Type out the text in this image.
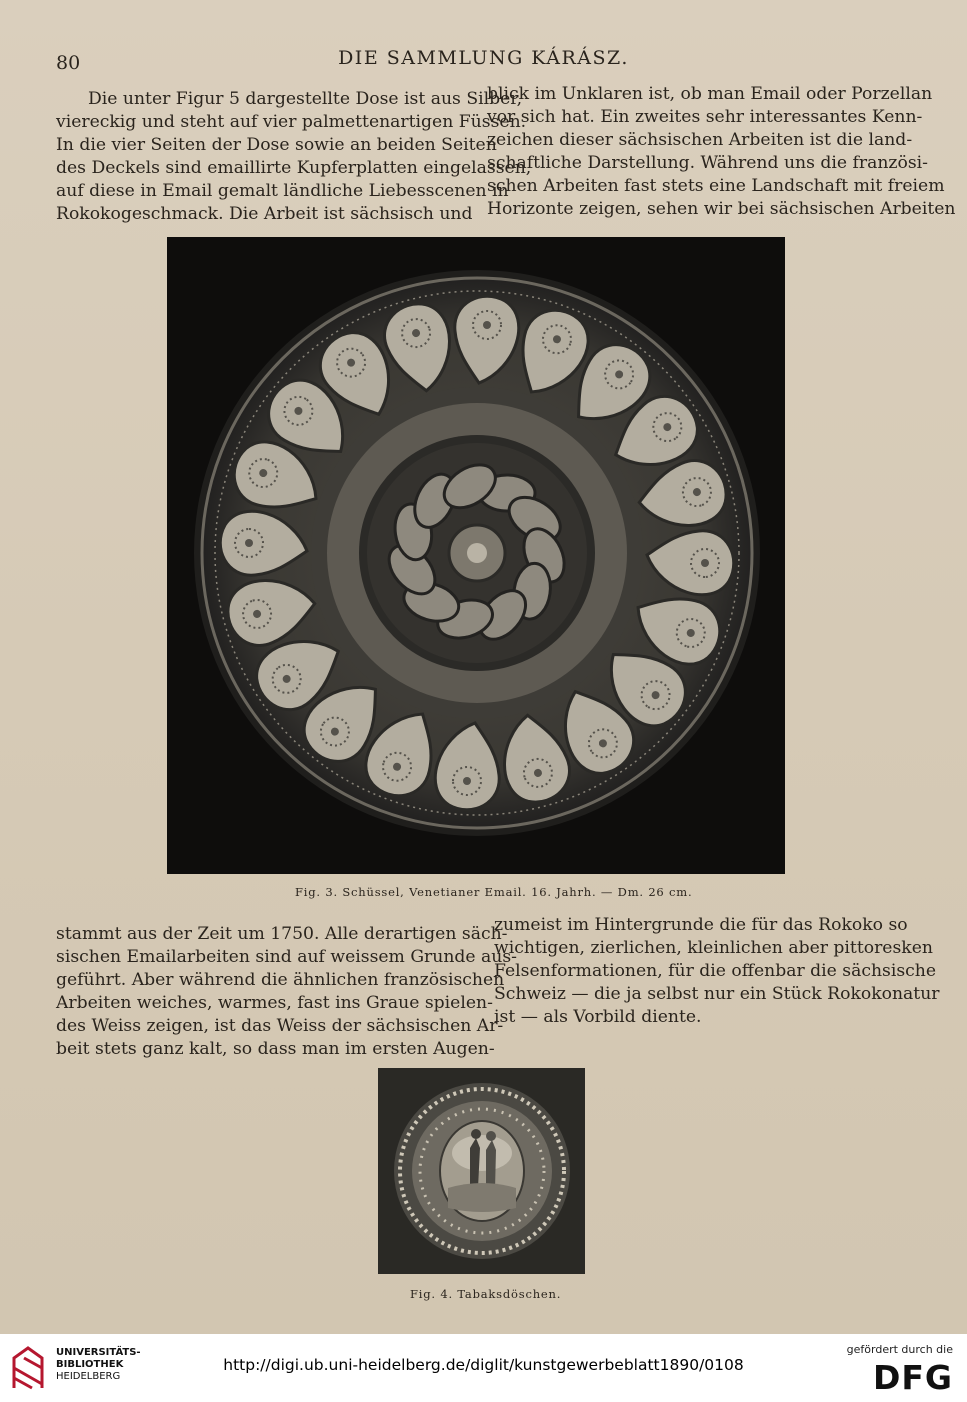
80	DIE SAMMLUNG KÁRÁSZ.

Die unter Figur 5 dargestellte Dose ist aus Silber,
viereckig und steht auf vier palmettenartigen Füssen.
In die vier Seiten der Dose sowie an beiden Seiten
des Deckels sind emaillirte Kupferplatten eingelassen,
auf diese in Email gemalt ländliche Liebesscenen in
Rokokogeschmack. Die Arbeit ist sächsisch und

blick im Unklaren ist, ob man Email oder Porzellan
vor sich hat. Ein zweites sehr interessantes Kenn-
zeichen dieser sächsischen Arbeiten ist die land-
schaftliche Darstellung. Während uns die französi-
schen Arbeiten fast stets eine Landschaft mit freiem
Horizonte zeigen, sehen wir bei sächsischen Arbeiten

Fig. 3. Schüssel, Venetianer Email. 16. Jahrh. — Dm. 26 cm.

stammt aus der Zeit um 1750. Alle derartigen säch-
sischen Emailarbeiten sind auf weissem Grunde aus-
geführt. Aber während die ähnlichen französischen
Arbeiten weiches, warmes, fast ins Graue spielen-
des Weiss zeigen, ist das Weiss der sächsischen Ar-
beit stets ganz kalt, so dass man im ersten Augen-

zumeist im Hintergrunde die für das Rokoko so
wichtigen, zierlichen, kleinlichen aber pittoresken
Felsenformationen, für die offenbar die sächsische
Schweiz — die ja selbst nur ein Stück Rokokonatur
ist — als Vorbild diente.

Fig. 4. Tabaksdöschen.
UNIVERSITÄTS-
BIBLIOTHEK
HEIDELBERG
http://digi.ub.uni-heidelberg.de/diglit/kunstgewerbeblatt1890/0108
gefördert durch die
DFG
